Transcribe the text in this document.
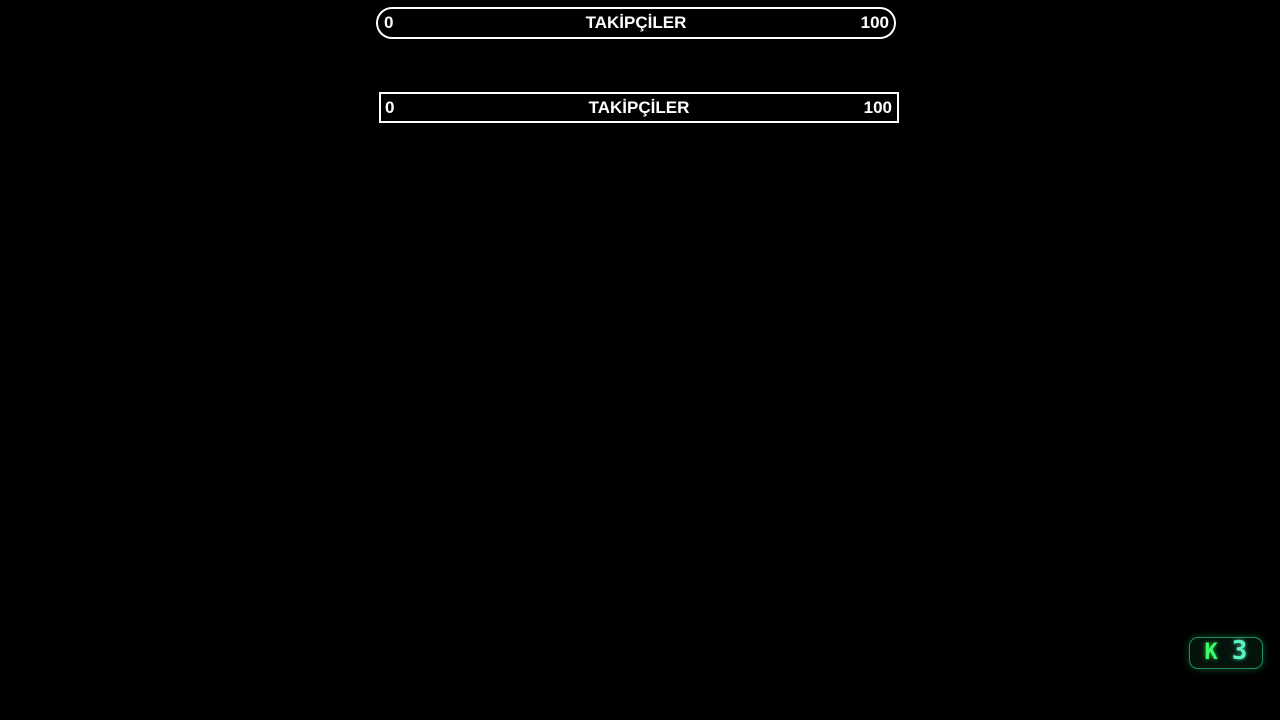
0	TAKİPÇİLER	100
0	TAKİPÇİLER	100
K 3
